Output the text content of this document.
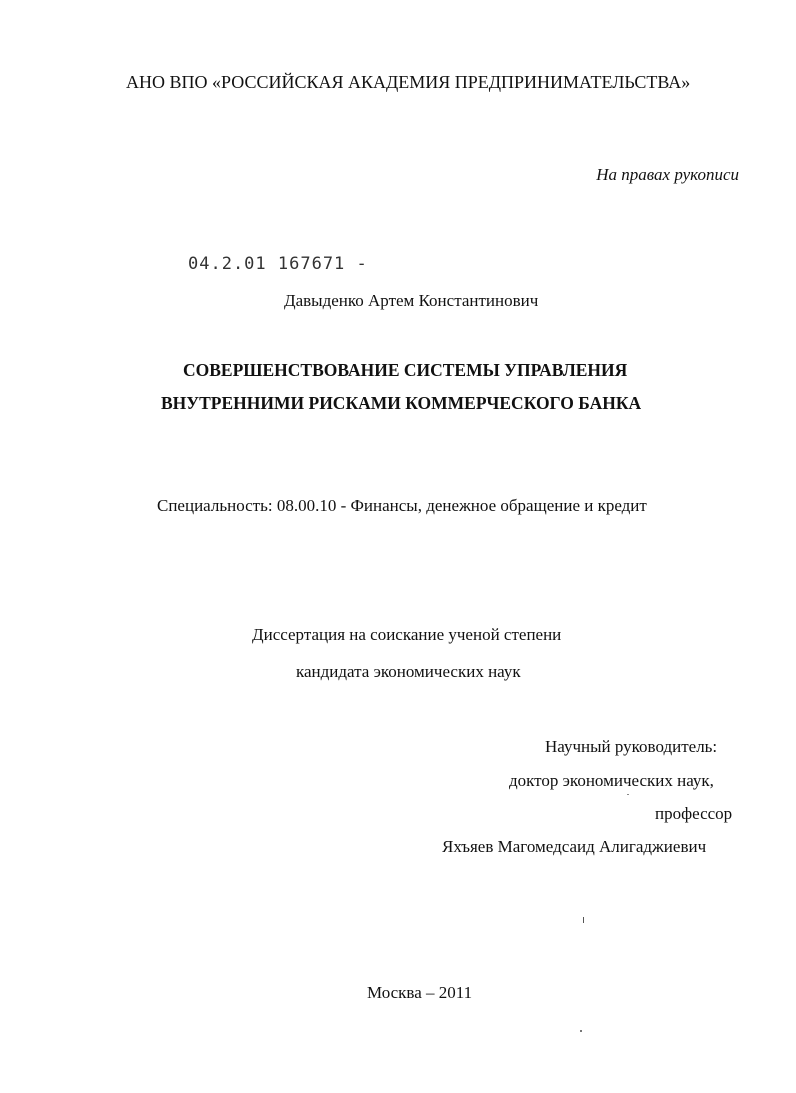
АНО ВПО «РОССИЙСКАЯ АКАДЕМИЯ ПРЕДПРИНИМАТЕЛЬСТВА»
На правах рукописи
04.2.01 167671 -
Давыденко Артем Константинович
СОВЕРШЕНСТВОВАНИЕ СИСТЕМЫ УПРАВЛЕНИЯ
ВНУТРЕННИМИ РИСКАМИ КОММЕРЧЕСКОГО БАНКА
Специальность: 08.00.10 - Финансы, денежное обращение и кредит
Диссертация на соискание ученой степени
кандидата экономических наук
Научный руководитель:
доктор экономических наук,
профессор
Яхъяев Магомедсаид Алигаджиевич
Москва – 2011
